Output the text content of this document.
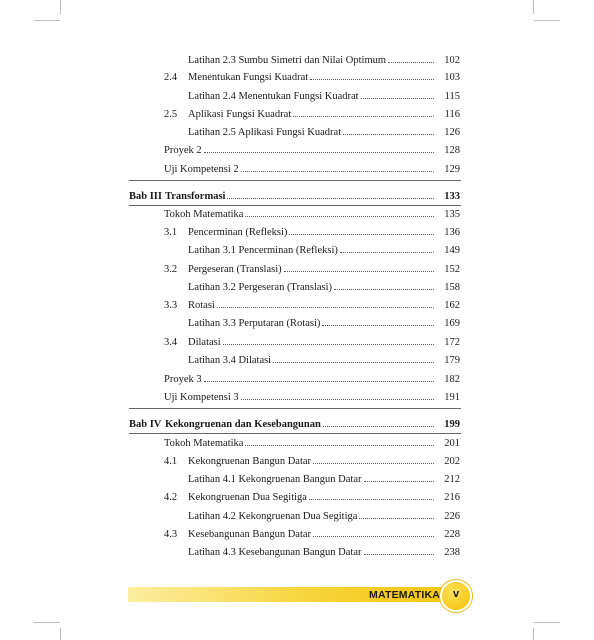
Latihan 2.3 Sumbu Simetri dan Nilai Optimum	102
2.4	Menentukan Fungsi Kuadrat	103
Latihan 2.4 Menentukan Fungsi Kuadrat	115
2.5	Aplikasi Fungsi Kuadrat	116
Latihan 2.5 Aplikasi Fungsi Kuadrat	126
Proyek 2	128
Uji Kompetensi 2	129
Bab III Transformasi	133
Tokoh Matematika	135
3.1	Pencerminan (Refleksi)	136
Latihan 3.1 Pencerminan (Refleksi)	149
3.2	Pergeseran (Translasi)	152
Latihan 3.2 Pergeseran (Translasi)	158
3.3	Rotasi	162
Latihan 3.3 Perputaran (Rotasi)	169
3.4	Dilatasi	172
Latihan 3.4 Dilatasi	179
Proyek 3	182
Uji Kompetensi 3	191
Bab IV Kekongruenan dan Kesebangunan	199
Tokoh Matematika	201
4.1	Kekongruenan Bangun Datar	202
Latihan 4.1 Kekongruenan Bangun Datar	212
4.2	Kekongruenan Dua Segitiga	216
Latihan 4.2 Kekongruenan Dua Segitiga	226
4.3	Kesebangunan Bangun Datar	228
Latihan 4.3 Kesebangunan Bangun Datar	238
MATEMATIKA	v
